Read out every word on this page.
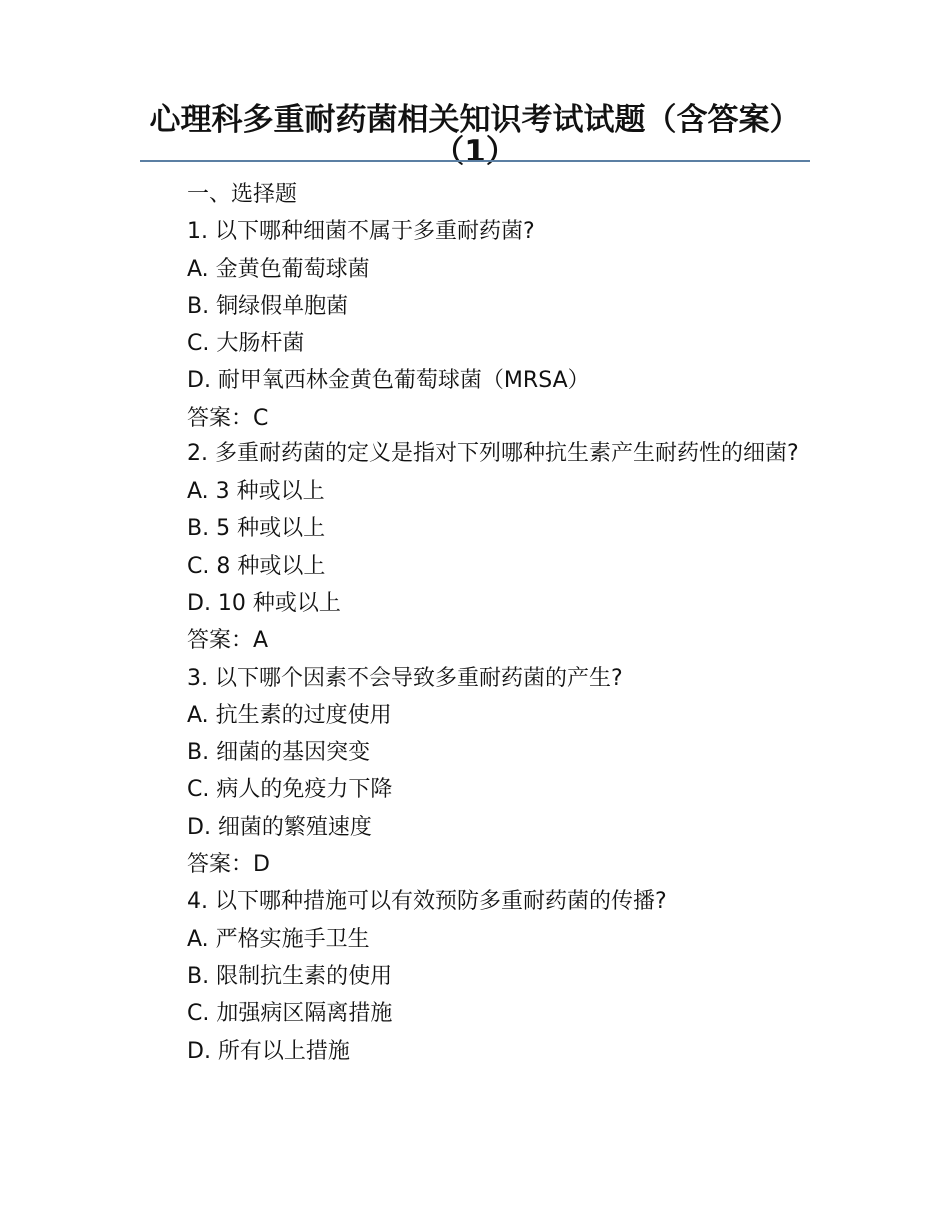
心理科多重耐药菌相关知识考试试题（含答案）（1）

一、选择题

1. 以下哪种细菌不属于多重耐药菌?

A. 金黄色葡萄球菌

B. 铜绿假单胞菌

C. 大肠杆菌

D. 耐甲氧西林金黄色葡萄球菌（MRSA）

答案：C

2. 多重耐药菌的定义是指对下列哪种抗生素产生耐药性的细菌?

A. 3 种或以上

B. 5 种或以上

C. 8 种或以上

D. 10 种或以上

答案：A

3. 以下哪个因素不会导致多重耐药菌的产生?

A. 抗生素的过度使用

B. 细菌的基因突变

C. 病人的免疫力下降

D. 细菌的繁殖速度

答案：D

4. 以下哪种措施可以有效预防多重耐药菌的传播?

A. 严格实施手卫生

B. 限制抗生素的使用

C. 加强病区隔离措施

D. 所有以上措施
